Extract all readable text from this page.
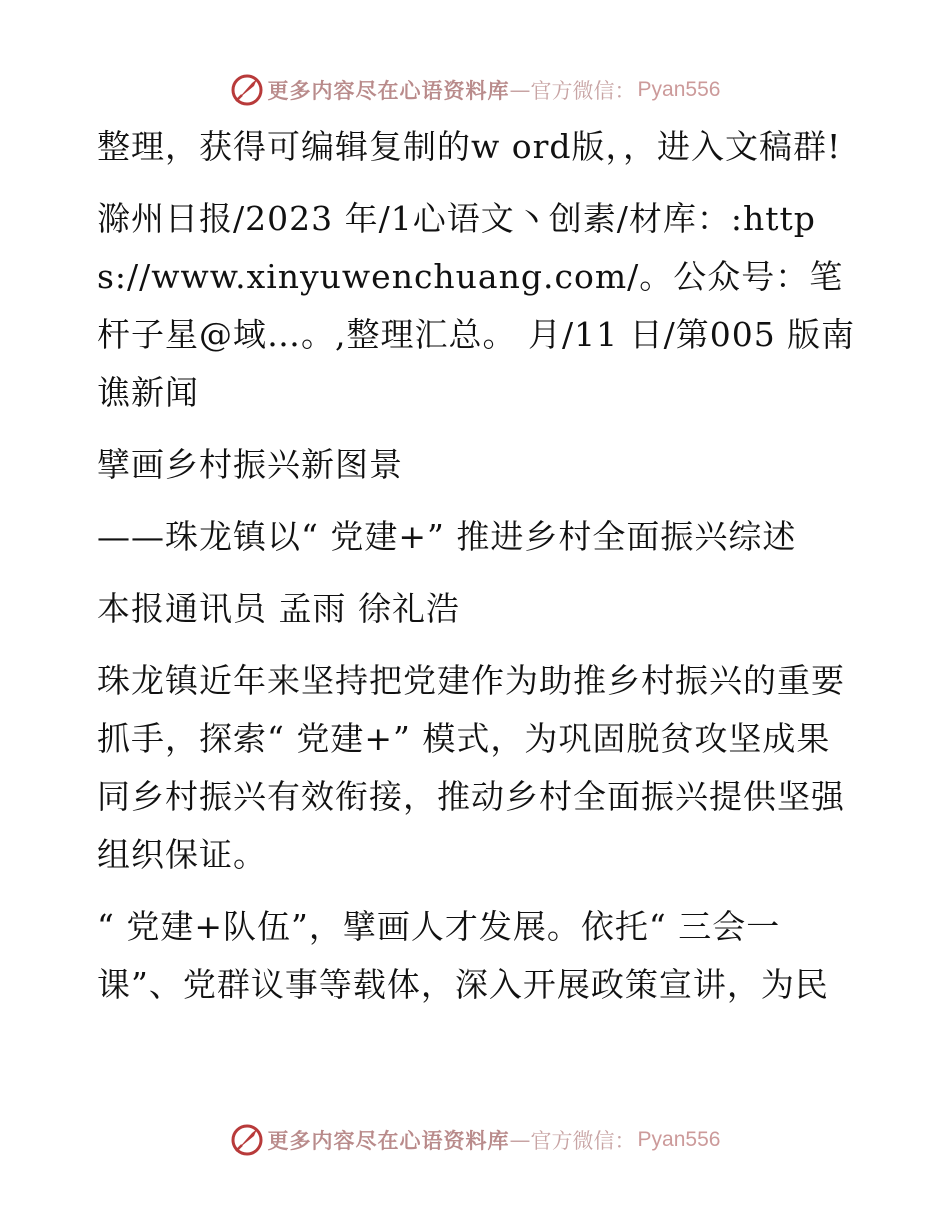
更多内容尽在心语资料库 — 官方微信： Pyan556

整理，获得可编辑复制的w ord版，，进入文稿群!

滁州日报/2023 年/1心语文丶创素/材库：:https://www.xinyuwenchuang.com/。公众号：笔杆子星@域…。,整理汇总。 月/11 日/第005 版南谯新闻

擘画乡村振兴新图景

——珠龙镇以“ 党建+” 推进乡村全面振兴综述

本报通讯员 孟雨 徐礼浩

珠龙镇近年来坚持把党建作为助推乡村振兴的重要抓手，探索“ 党建+” 模式，为巩固脱贫攻坚成果同乡村振兴有效衔接，推动乡村全面振兴提供坚强组织保证。

“ 党建+队伍”，擘画人才发展。依托“ 三会一课”、党群议事等载体，深入开展政策宣讲，为民

更多内容尽在心语资料库 — 官方微信： Pyan556
